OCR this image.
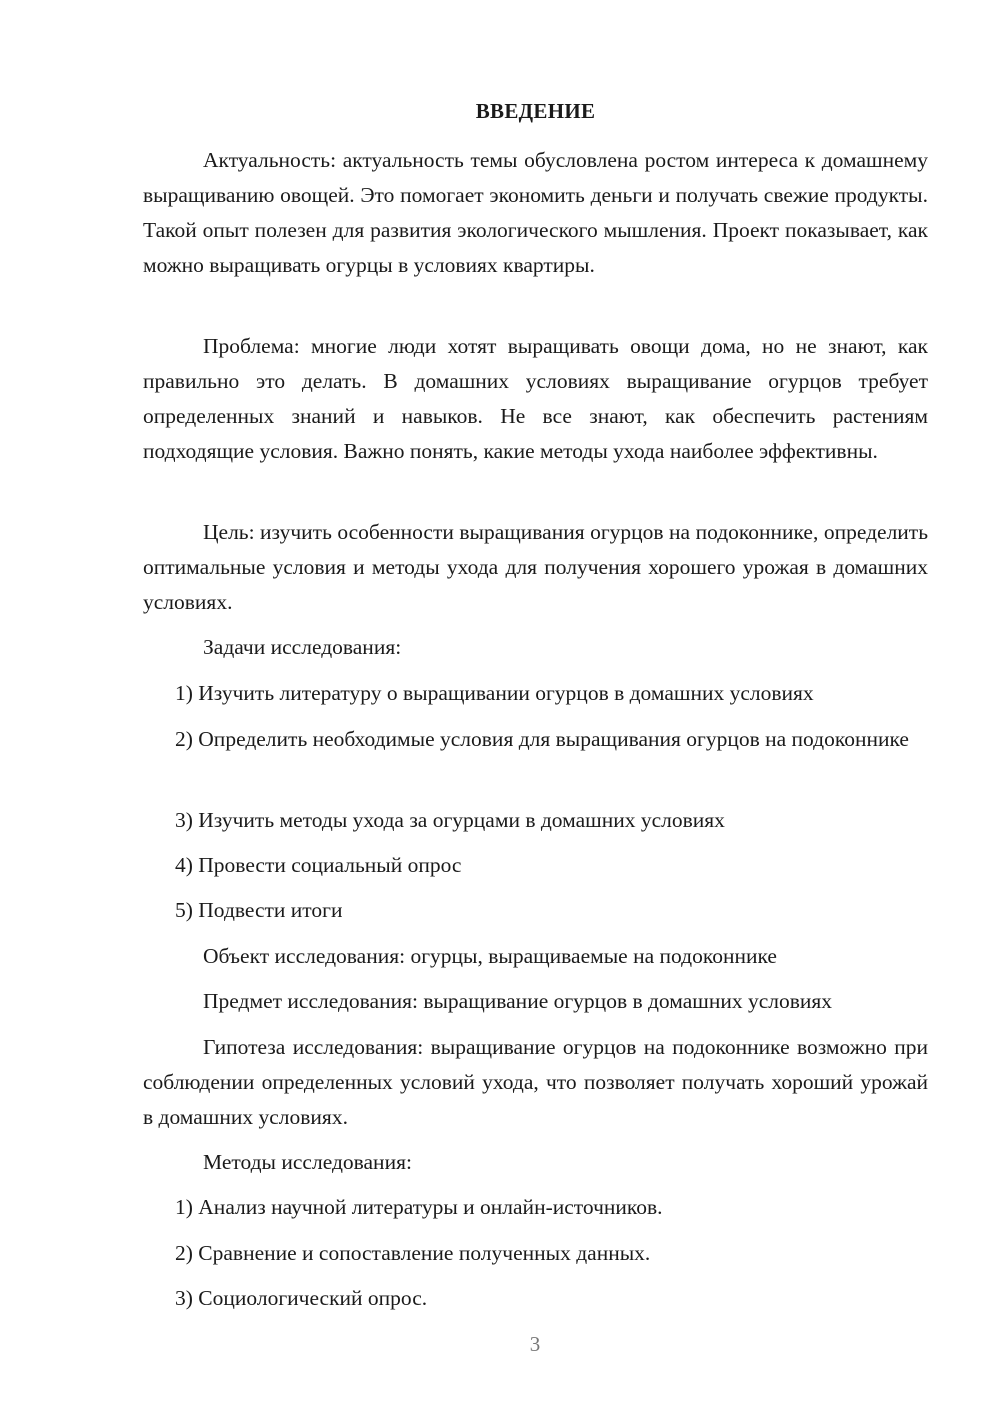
ВВЕДЕНИЕ

Актуальность: актуальность темы обусловлена ростом интереса к домашнему выращиванию овощей. Это помогает экономить деньги и получать свежие продукты. Такой опыт полезен для развития экологического мышления. Проект показывает, как можно выращивать огурцы в условиях квартиры.

Проблема: многие люди хотят выращивать овощи дома, но не знают, как правильно это делать. В домашних условиях выращивание огурцов требует определенных знаний и навыков. Не все знают, как обеспечить растениям подходящие условия. Важно понять, какие методы ухода наиболее эффективны.

Цель: изучить особенности выращивания огурцов на подоконнике, определить оптимальные условия и методы ухода для получения хорошего урожая в домашних условиях.

Задачи исследования:

1) Изучить литературу о выращивании огурцов в домашних условиях

2) Определить необходимые условия для выращивания огурцов на подоконнике

3) Изучить методы ухода за огурцами в домашних условиях

4) Провести социальный опрос

5) Подвести итоги

Объект исследования: огурцы, выращиваемые на подоконнике

Предмет исследования: выращивание огурцов в домашних условиях

Гипотеза исследования: выращивание огурцов на подоконнике возможно при соблюдении определенных условий ухода, что позволяет получать хороший урожай в домашних условиях.

Методы исследования:

1) Анализ научной литературы и онлайн-источников.

2) Сравнение и сопоставление полученных данных.

3) Социологический опрос.

3
